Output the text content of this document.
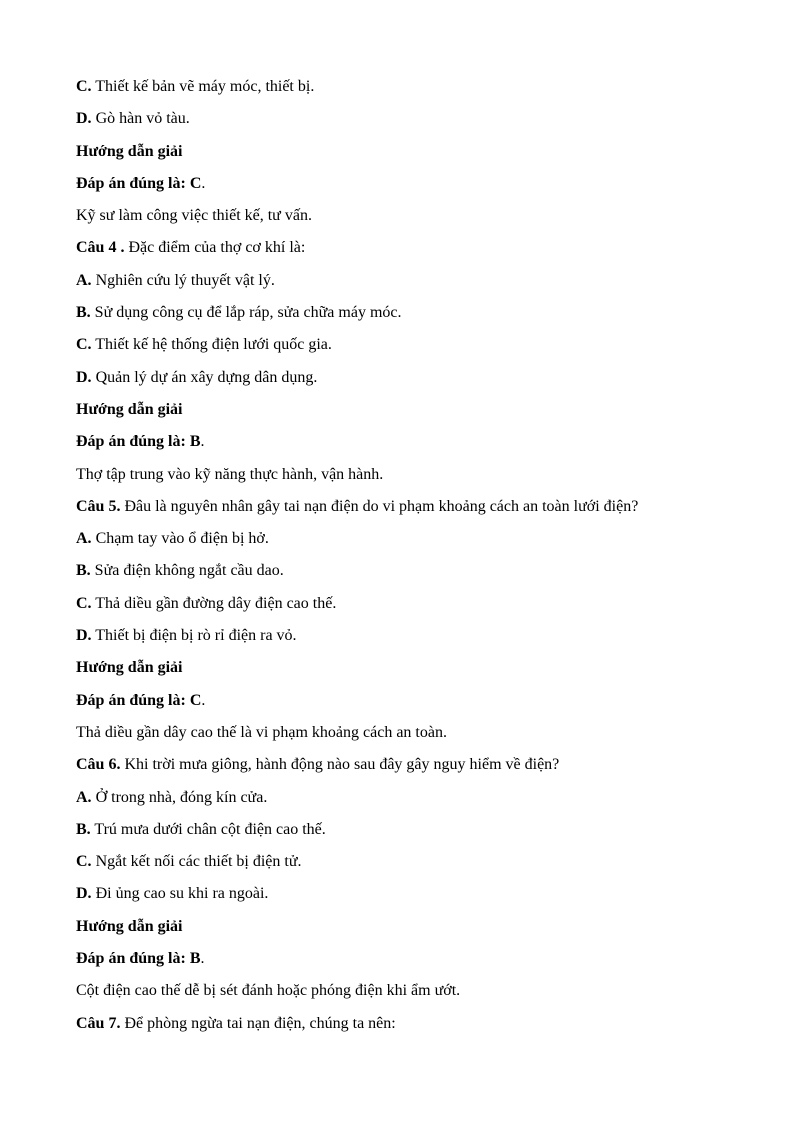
C. Thiết kế bản vẽ máy móc, thiết bị.

D. Gò hàn vỏ tàu.

Hướng dẫn giải

Đáp án đúng là: C.

Kỹ sư làm công việc thiết kế, tư vấn.

Câu 4 . Đặc điểm của thợ cơ khí là:

A. Nghiên cứu lý thuyết vật lý.

B. Sử dụng công cụ để lắp ráp, sửa chữa máy móc.

C. Thiết kế hệ thống điện lưới quốc gia.

D. Quản lý dự án xây dựng dân dụng.

Hướng dẫn giải

Đáp án đúng là: B.

Thợ tập trung vào kỹ năng thực hành, vận hành.

Câu 5. Đâu là nguyên nhân gây tai nạn điện do vi phạm khoảng cách an toàn lưới điện?

A. Chạm tay vào ổ điện bị hở.

B. Sửa điện không ngắt cầu dao.

C. Thả diều gần đường dây điện cao thế.

D. Thiết bị điện bị rò rỉ điện ra vỏ.

Hướng dẫn giải

Đáp án đúng là: C.

Thả diều gần dây cao thế là vi phạm khoảng cách an toàn.

Câu 6. Khi trời mưa giông, hành động nào sau đây gây nguy hiểm về điện?

A. Ở trong nhà, đóng kín cửa.

B. Trú mưa dưới chân cột điện cao thế.

C. Ngắt kết nối các thiết bị điện tử.

D. Đi ủng cao su khi ra ngoài.

Hướng dẫn giải

Đáp án đúng là: B.

Cột điện cao thế dễ bị sét đánh hoặc phóng điện khi ẩm ướt.

Câu 7. Để phòng ngừa tai nạn điện, chúng ta nên:
